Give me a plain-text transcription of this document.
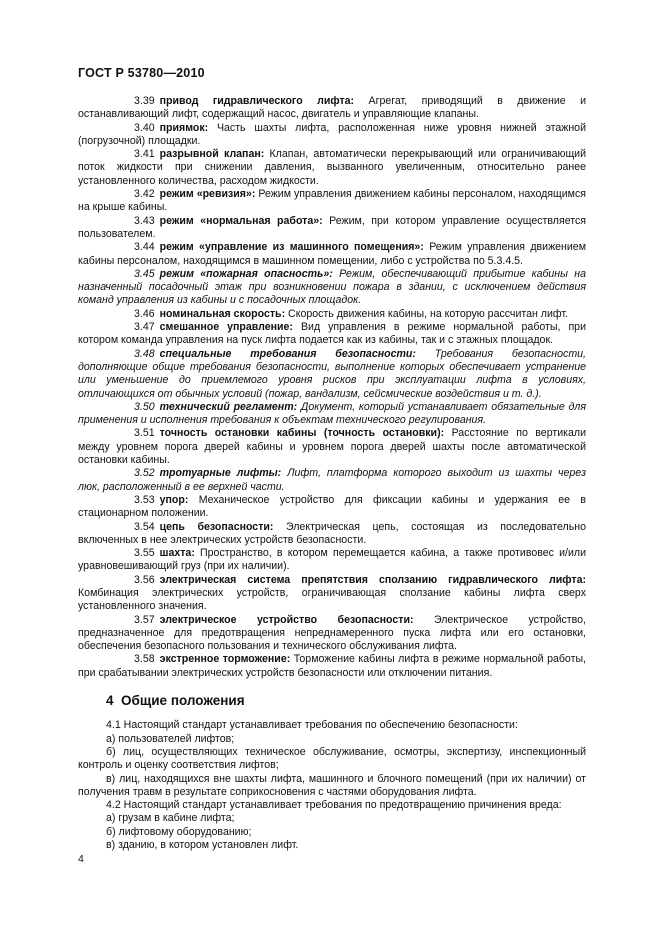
ГОСТ Р 53780—2010

3.39 привод гидравлического лифта: Агрегат, приводящий в движение и останавливающий лифт, содержащий насос, двигатель и управляющие клапаны.

3.40 приямок: Часть шахты лифта, расположенная ниже уровня нижней этажной (погрузочной) площадки.

3.41 разрывной клапан: Клапан, автоматически перекрывающий или ограничивающий поток жидкости при снижении давления, вызванного увеличенным, относительно ранее установленного количества, расходом жидкости.

3.42 режим «ревизия»: Режим управления движением кабины персоналом, находящимся на крыше кабины.

3.43 режим «нормальная работа»: Режим, при котором управление осуществляется пользователем.

3.44 режим «управление из машинного помещения»: Режим управления движением кабины персоналом, находящимся в машинном помещении, либо с устройства по 5.3.4.5.

3.45 режим «пожарная опасность»: Режим, обеспечивающий прибытие кабины на назначенный посадочный этаж при возникновении пожара в здании, с исключением действия команд управления из кабины и с посадочных площадок.

3.46 номинальная скорость: Скорость движения кабины, на которую рассчитан лифт.

3.47 смешанное управление: Вид управления в режиме нормальной работы, при котором команда управления на пуск лифта подается как из кабины, так и с этажных площадок.

3.48 специальные требования безопасности: Требования безопасности, дополняющие общие требования безопасности, выполнение которых обеспечивает устранение или уменьшение до приемлемого уровня рисков при эксплуатации лифта в условиях, отличающихся от обычных условий (пожар, вандализм, сейсмические воздействия и т. д.).

3.50 технический регламент: Документ, который устанавливает обязательные для применения и исполнения требования к объектам технического регулирования.

3.51 точность остановки кабины (точность остановки): Расстояние по вертикали между уровнем порога дверей кабины и уровнем порога дверей шахты после автоматической остановки кабины.

3.52 тротуарные лифты: Лифт, платформа которого выходит из шахты через люк, расположенный в ее верхней части.

3.53 упор: Механическое устройство для фиксации кабины и удержания ее в стационарном положении.

3.54 цепь безопасности: Электрическая цепь, состоящая из последовательно включенных в нее электрических устройств безопасности.

3.55 шахта: Пространство, в котором перемещается кабина, а также противовес и/или уравновешивающий груз (при их наличии).

3.56 электрическая система препятствия сползанию гидравлического лифта: Комбинация электрических устройств, ограничивающая сползание кабины лифта сверх установленного значения.

3.57 электрическое устройство безопасности: Электрическое устройство, предназначенное для предотвращения непреднамеренного пуска лифта или его остановки, обеспечения безопасного пользования и технического обслуживания лифта.

3.58 экстренное торможение: Торможение кабины лифта в режиме нормальной работы, при срабатывании электрических устройств безопасности или отключении питания.

4 Общие положения

4.1 Настоящий стандарт устанавливает требования по обеспечению безопасности:

а) пользователей лифтов;

б) лиц, осуществляющих техническое обслуживание, осмотры, экспертизу, инспекционный контроль и оценку соответствия лифтов;

в) лиц, находящихся вне шахты лифта, машинного и блочного помещений (при их наличии) от получения травм в результате соприкосновения с частями оборудования лифта.

4.2 Настоящий стандарт устанавливает требования по предотвращению причинения вреда:

а) грузам в кабине лифта;

б) лифтовому оборудованию;

в) зданию, в котором установлен лифт.

4
